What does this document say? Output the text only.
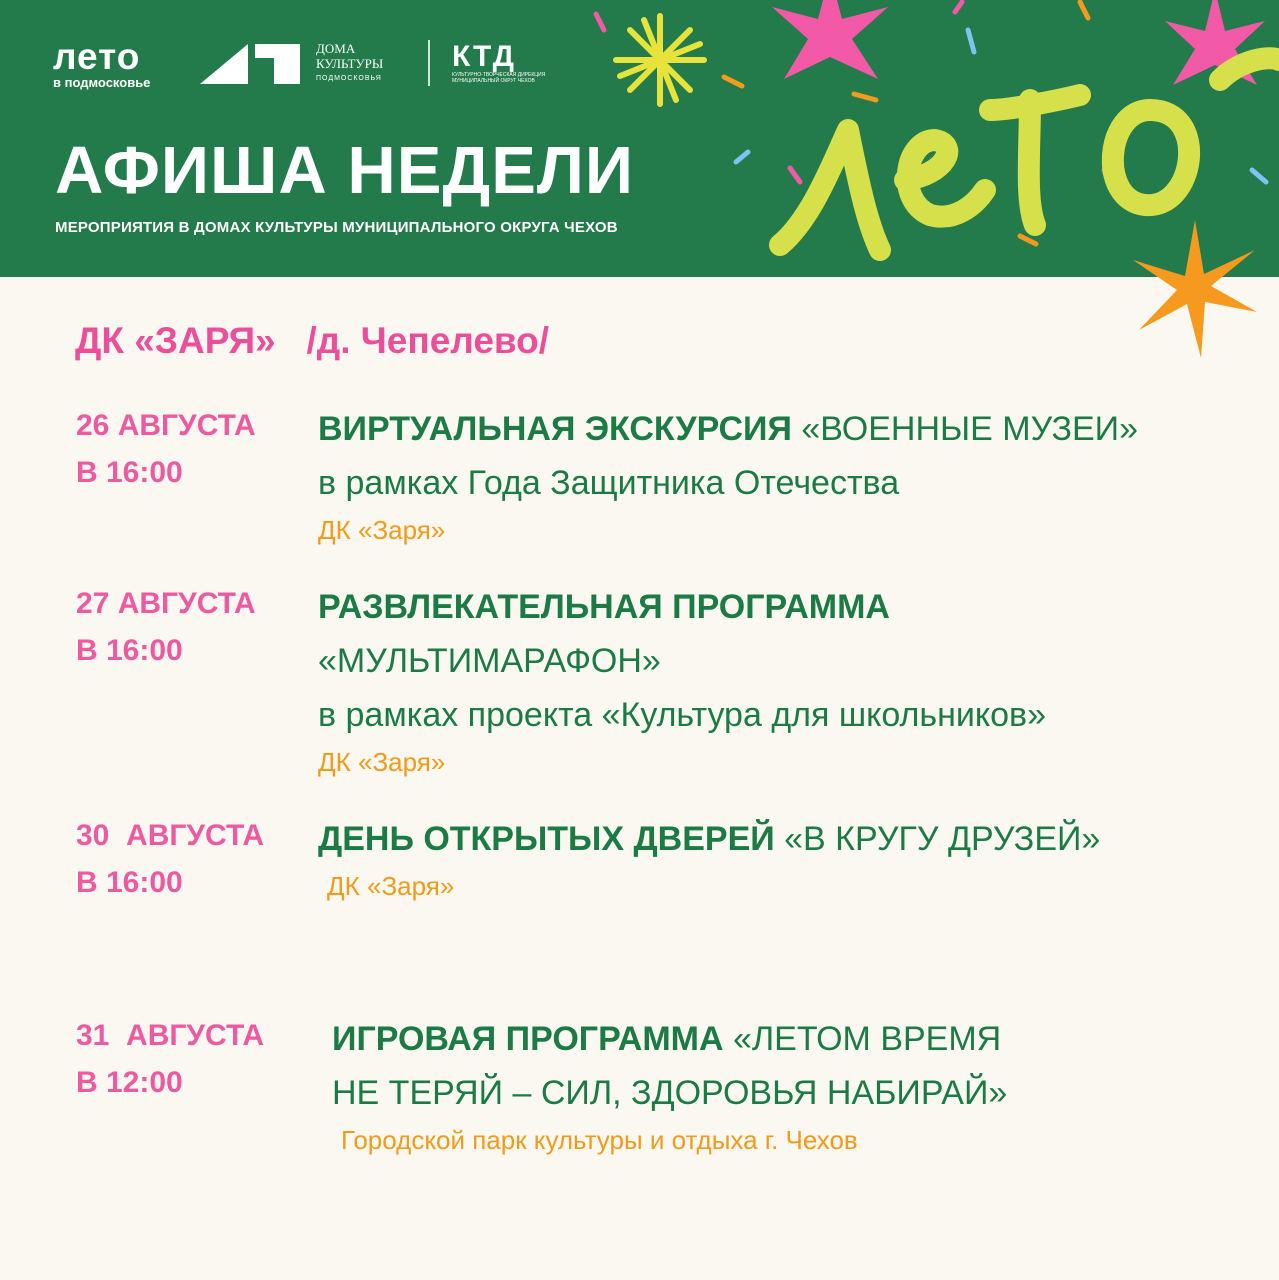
лето
в подмосковье
ДОМА
КУЛЬТУРЫ
ПОДМОСКОВЬЯ
КТД
КУЛЬТУРНО-ТВОРЧЕСКАЯ ДИРЕКЦИЯ МУНИЦИПАЛЬНЫЙ ОКРУГ ЧЕХОВ
АФИША НЕДЕЛИ
МЕРОПРИЯТИЯ В ДОМАХ КУЛЬТУРЫ МУНИЦИПАЛЬНОГО ОКРУГА ЧЕХОВ
ДК «ЗАРЯ» /д. Чепелево/
26 АВГУСТА
В 16:00
ВИРТУАЛЬНАЯ ЭКСКУРСИЯ «ВОЕННЫЕ МУЗЕИ»
в рамках Года Защитника Отечества
ДК «Заря»
27 АВГУСТА
В 16:00
РАЗВЛЕКАТЕЛЬНАЯ ПРОГРАММА
«МУЛЬТИМАРАФОН»
в рамках проекта «Культура для школьников»
ДК «Заря»
30  АВГУСТА
В 16:00
ДЕНЬ ОТКРЫТЫХ ДВЕРЕЙ «В КРУГУ ДРУЗЕЙ»
ДК «Заря»
31  АВГУСТА
В 12:00
ИГРОВАЯ ПРОГРАММА «ЛЕТОМ ВРЕМЯ
НЕ ТЕРЯЙ – СИЛ, ЗДОРОВЬЯ НАБИРАЙ»
Городской парк культуры и отдыха г. Чехов
